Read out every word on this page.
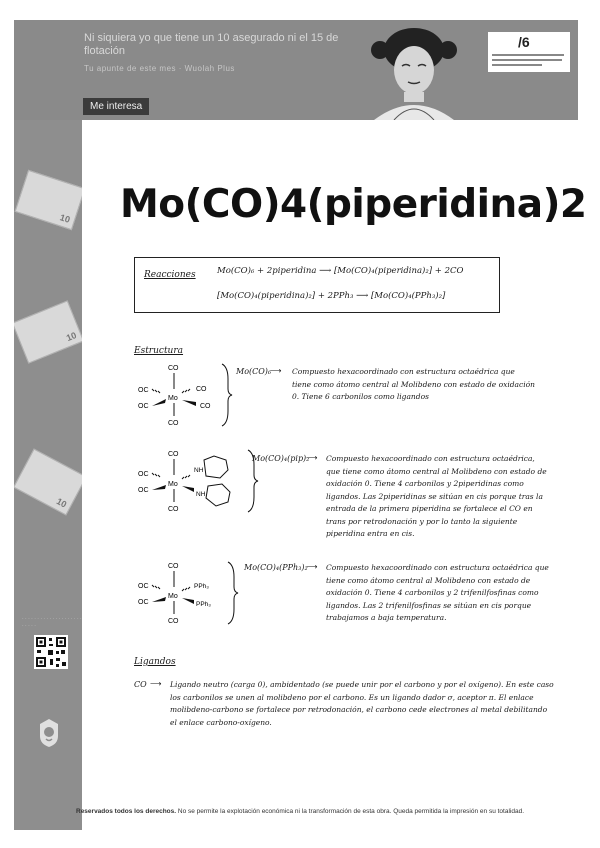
Ni siquiera yo que tiene un 10 asegurado ni el 15 de flotación
Tu apunte de este mes · Wuolah Plus
Me interesa
/6
10
10
10
· · · · · · · · · · · · · · · · · · · · · · · · ·
Mo(CO)4(piperidina)2
Reacciones	Mo(CO)₆ + 2piperidina ⟶ [Mo(CO)₄(piperidina)₂] + 2CO
[Mo(CO)₄(piperidina)₂] + 2PPh₃ ⟶ [Mo(CO)₄(PPh₃)₂]
Estructura
CO
Mo
CO
OC
OC
CO
CO
Mo(CO)₆
⟶ Compuesto hexacoordinado con estructura octaédrica que tiene como átomo central al Molibdeno con estado de oxidación 0. Tiene 6 carbonilos como ligandos
CO
Mo
CO
OC
OC
NH
NH
Mo(CO)₄(pip)₂
⟶ Compuesto hexacoordinado con estructura octaédrica, que tiene como átomo central al Molibdeno con estado de oxidación 0. Tiene 4 carbonilos y 2piperidinas como ligandos. Las 2piperidinas se sitúan en cis porque tras la entrada de la primera piperidina se fortalece el CO en trans por retrodonación y por lo tanto la siguiente piperidina entra en cis.
CO
Mo
CO
OC
OC
PPh₃
PPh₃
Mo(CO)₄(PPh₃)₂
⟶ Compuesto hexacoordinado con estructura octaédrica que tiene como átomo central al Molibdeno con estado de oxidación 0. Tiene 4 carbonilos y 2 trifenilfosfinas como ligandos. Las 2 trifenilfosfinas se sitúan en cis porque trabajamos a baja temperatura.
Ligandos
CO ⟶ Ligando neutro (carga 0), ambidentado (se puede unir por el carbono y por el oxígeno). En este caso los carbonilos se unen al molibdeno por el carbono. Es un ligando dador σ, aceptor π. El enlace molibdeno-carbono se fortalece por retrodonación, el carbono cede electrones al metal debilitando el enlace carbono-oxígeno.
Reservados todos los derechos. No se permite la explotación económica ni la transformación de esta obra. Queda permitida la impresión en su totalidad.
